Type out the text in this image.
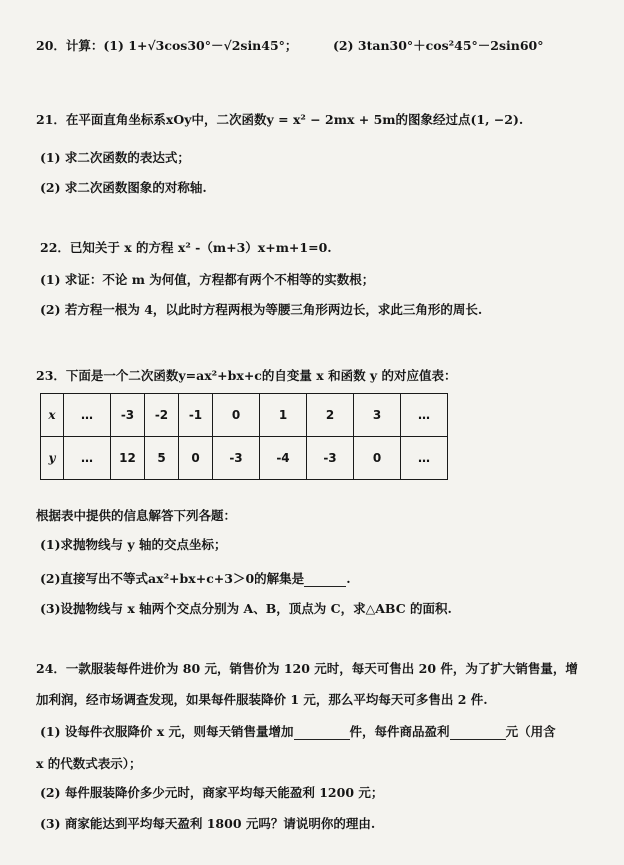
20．计算：(1) 1+√3cos30°－√2sin45°；	(2) 3tan30°＋cos²45°－2sin60°
21．在平面直角坐标系xOy中，二次函数y = x² − 2mx + 5m的图象经过点(1, −2).
(1) 求二次函数的表达式；
(2) 求二次函数图象的对称轴.
22．已知关于 x 的方程 x² -（m+3）x+m+1=0.
(1) 求证：不论 m 为何值，方程都有两个不相等的实数根；
(2) 若方程一根为 4，以此时方程两根为等腰三角形两边长，求此三角形的周长.
23．下面是一个二次函数y=ax²+bx+c的自变量 x 和函数 y 的对应值表：
x	…	-3	-2	-1	0	1	2	3	…
y	…	12	5	0	-3	-4	-3	0	…
根据表中提供的信息解答下列各题：
(1)求抛物线与 y 轴的交点坐标；
(2)直接写出不等式ax²+bx+c+3＞0的解集是	.
(3)设抛物线与 x 轴两个交点分别为 A、B，顶点为 C，求△ABC 的面积.
24．一款服装每件进价为 80 元，销售价为 120 元时，每天可售出 20 件，为了扩大销售量，增
加利润，经市场调查发现，如果每件服装降价 1 元，那么平均每天可多售出 2 件.
(1) 设每件衣服降价 x 元，则每天销售量增加	件，每件商品盈利	元（用含
x 的代数式表示）；
(2) 每件服装降价多少元时，商家平均每天能盈利 1200 元；
(3) 商家能达到平均每天盈利 1800 元吗？请说明你的理由.
